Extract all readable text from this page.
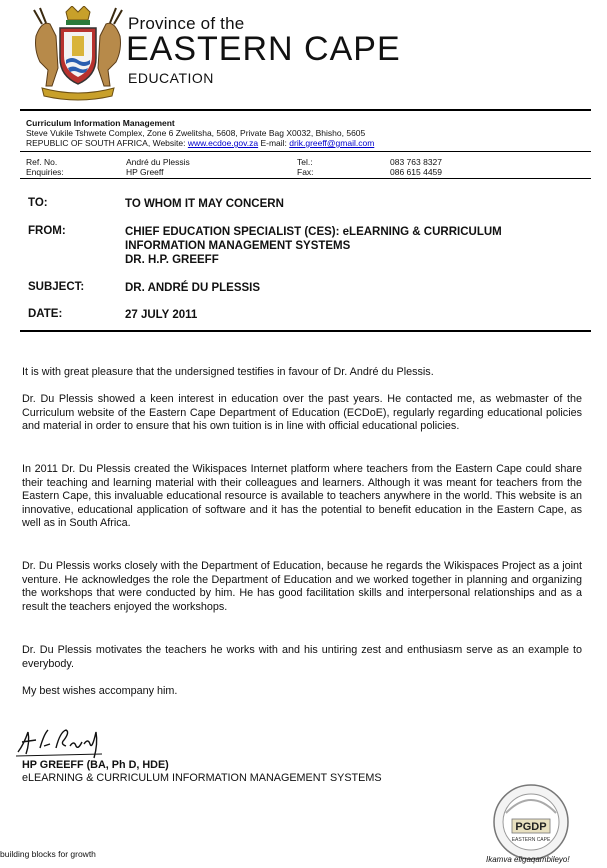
Province of the
EASTERN CAPE
EDUCATION
Curriculum Information Management
Steve Vukile Tshwete Complex, Zone 6 Zwelitsha, 5608, Private Bag X0032, Bhisho, 5605
REPUBLIC OF SOUTH AFRICA, Website: www.ecdoe.gov.za E-mail: drik.greeff@gmail.com
Ref. No.	André du Plessis	Tel.:	083 763 8327
Enquiries:	HP Greeff	Fax:	086 615 4459
TO:	TO WHOM IT MAY CONCERN
FROM:	CHIEF EDUCATION SPECIALIST (CES): eLEARNING & CURRICULUM
INFORMATION MANAGEMENT SYSTEMS
DR. H.P. GREEFF
SUBJECT:	DR. ANDRÉ DU PLESSIS
DATE:	27 JULY 2011
It is with great pleasure that the undersigned testifies in favour of Dr. André du Plessis.
Dr. Du Plessis showed a keen interest in education over the past years. He contacted me, as webmaster of the Curriculum website of the Eastern Cape Department of Education (ECDoE), regularly regarding educational policies and material in order to ensure that his own tuition is in line with official educational policies.
In 2011 Dr. Du Plessis created the Wikispaces Internet platform where teachers from the Eastern Cape could share their teaching and learning material with their colleagues and learners. Although it was meant for teachers from the Eastern Cape, this invaluable educational resource is available to teachers anywhere in the world. This website is an innovative, educational application of software and it has the potential to benefit education in the Eastern Cape, as well as in South Africa.
Dr. Du Plessis works closely with the Department of Education, because he regards the Wikispaces Project as a joint venture. He acknowledges the role the Department of Education and we worked together in planning and organizing the workshops that were conducted by him. He has good facilitation skills and interpersonal relationships and as a result the teachers enjoyed the workshops.
Dr. Du Plessis motivates the teachers he works with and his untiring zest and enthusiasm serve as an example to everybody.
My best wishes accompany him.
HP GREEFF (BA, Ph D, HDE)
eLEARNING & CURRICULUM INFORMATION MANAGEMENT SYSTEMS
PGDP
EASTERN CAPE
building blocks for growth
Ikamva eligaqambileyo!
